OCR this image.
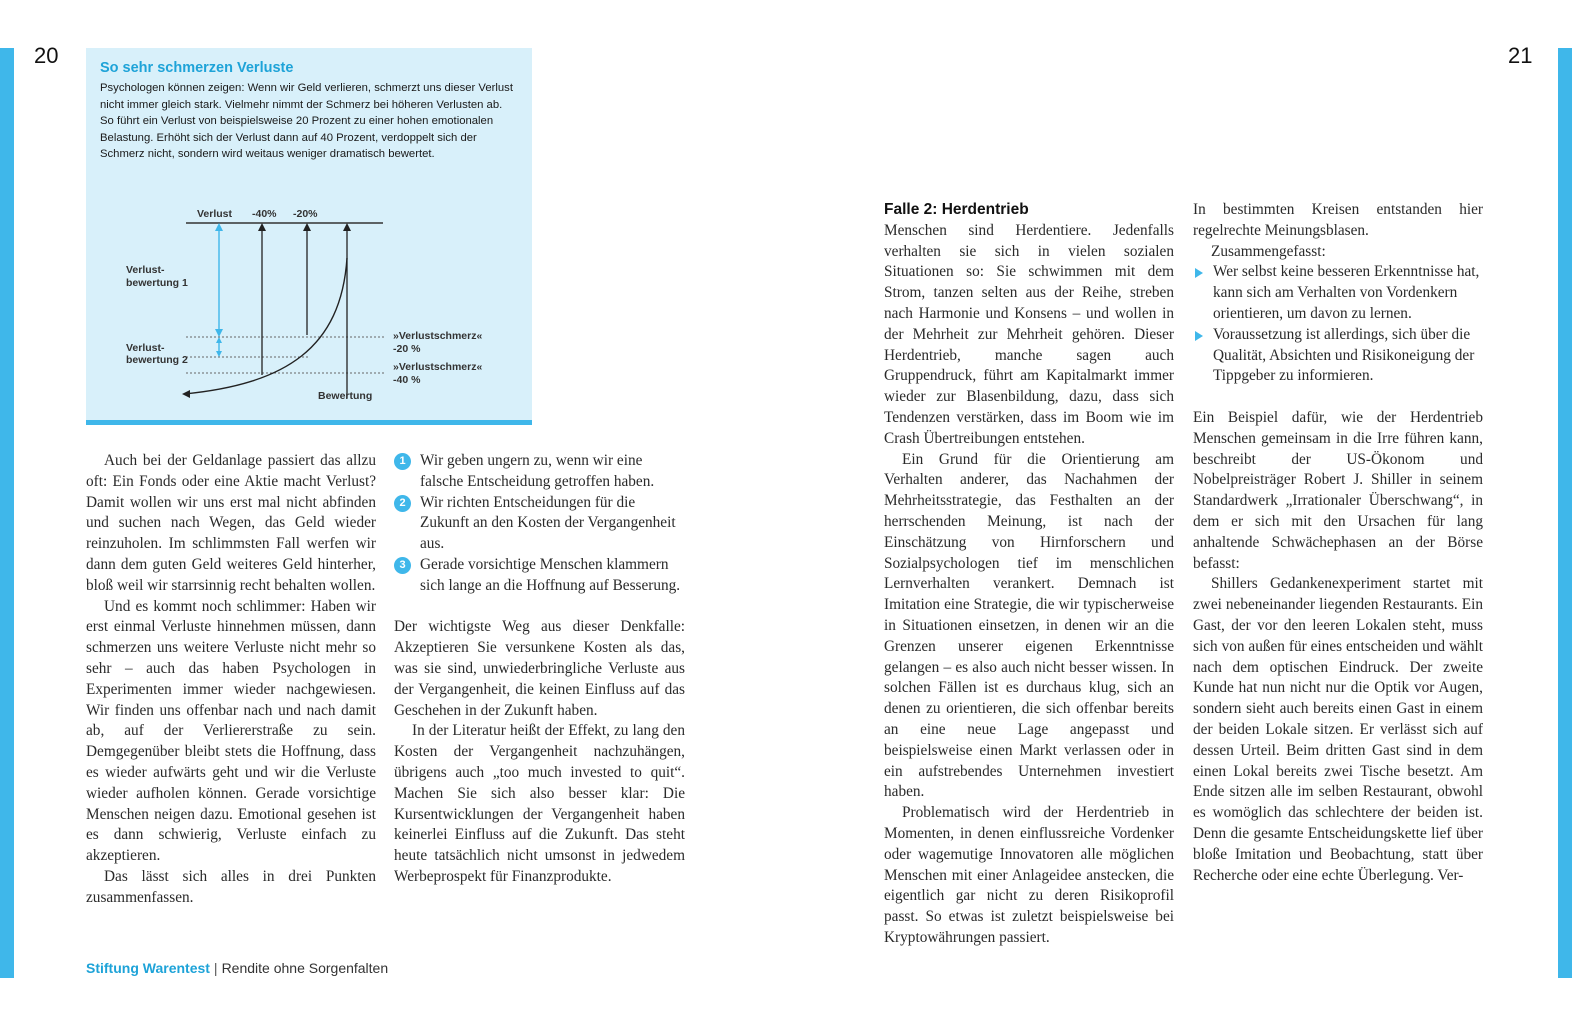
20	21
So sehr schmerzen Verluste
Psychologen können zeigen: Wenn wir Geld verlieren, schmerzt uns dieser Verlust nicht immer gleich stark. Vielmehr nimmt der Schmerz bei höheren Verlusten ab. So führt ein Verlust von beispielsweise 20 Prozent zu einer hohen emotionalen Belastung. Erhöht sich der Verlust dann auf 40 Prozent, verdoppelt sich der Schmerz nicht, sondern wird weitaus weniger dramatisch bewertet.
Verlust -40% -20%
Verlust-
bewertung 1
Verlust-
bewertung 2
»Verlustschmerz«
-20 %
»Verlustschmerz«
-40 %
Bewertung

Auch bei der Geldanlage passiert das allzu oft: Ein Fonds oder eine Aktie macht Verlust? Damit wollen wir uns erst mal nicht abfinden und suchen nach Wegen, das Geld wieder reinzuholen. Im schlimmsten Fall werfen wir dann dem guten Geld weiteres Geld hinterher, bloß weil wir starrsinnig recht behalten wollen.

Und es kommt noch schlimmer: Haben wir erst einmal Verluste hinnehmen müssen, dann schmerzen uns weitere Verluste nicht mehr so sehr – auch das haben Psychologen in Experimenten immer wieder nachgewiesen. Wir finden uns offenbar nach und nach damit ab, auf der Verliererstraße zu sein. Demgegenüber bleibt stets die Hoffnung, dass es wieder aufwärts geht und wir die Verluste wieder aufholen können. Gerade vorsichtige Menschen neigen dazu. Emotional gesehen ist es dann schwierig, Verluste einfach zu akzeptieren.

Das lässt sich alles in drei Punkten zusammenfassen.

1 Wir geben ungern zu, wenn wir eine falsche Entscheidung getroffen haben.
2 Wir richten Entscheidungen für die Zukunft an den Kosten der Vergangenheit aus.
3 Gerade vorsichtige Menschen klammern sich lange an die Hoffnung auf Besserung.

Der wichtigste Weg aus dieser Denkfalle: Akzeptieren Sie versunkene Kosten als das, was sie sind, unwiederbringliche Verluste aus der Vergangenheit, die keinen Einfluss auf das Geschehen in der Zukunft haben.

In der Literatur heißt der Effekt, zu lang den Kosten der Vergangenheit nachzuhängen, übrigens auch „too much invested to quit“. Machen Sie sich also besser klar: Die Kursentwicklungen der Vergangenheit haben keinerlei Einfluss auf die Zukunft. Das steht heute tatsächlich nicht umsonst in jedwedem Werbeprospekt für Finanzprodukte.

Falle 2: Herdentrieb

Menschen sind Herdentiere. Jedenfalls verhalten sie sich in vielen sozialen Situationen so: Sie schwimmen mit dem Strom, tanzen selten aus der Reihe, streben nach Harmonie und Konsens – und wollen in der Mehrheit zur Mehrheit gehören. Dieser Herdentrieb, manche sagen auch Gruppendruck, führt am Kapitalmarkt immer wieder zur Blasenbildung, dazu, dass sich Tendenzen verstärken, dass im Boom wie im Crash Übertreibungen entstehen.

Ein Grund für die Orientierung am Verhalten anderer, das Nachahmen der Mehrheitsstrategie, das Festhalten an der herrschenden Meinung, ist nach der Einschätzung von Hirnforschern und Sozialpsychologen tief im menschlichen Lernverhalten verankert. Demnach ist Imitation eine Strategie, die wir typischerweise in Situationen einsetzen, in denen wir an die Grenzen unserer eigenen Erkenntnisse gelangen – es also auch nicht besser wissen. In solchen Fällen ist es durchaus klug, sich an denen zu orientieren, die sich offenbar bereits an eine neue Lage angepasst und beispielsweise einen Markt verlassen oder in ein aufstrebendes Unternehmen investiert haben.

Problematisch wird der Herdentrieb in Momenten, in denen einflussreiche Vordenker oder wagemutige Innovatoren alle möglichen Menschen mit einer Anlageidee anstecken, die eigentlich gar nicht zu deren Risikoprofil passt. So etwas ist zuletzt beispielsweise bei Kryptowährungen passiert.

In bestimmten Kreisen entstanden hier regelrechte Meinungsblasen.

Zusammengefasst:

Wer selbst keine besseren Erkenntnisse hat, kann sich am Verhalten von Vordenkern orientieren, um davon zu lernen.
Voraussetzung ist allerdings, sich über die Qualität, Absichten und Risikoneigung der Tippgeber zu informieren.

Ein Beispiel dafür, wie der Herdentrieb Menschen gemeinsam in die Irre führen kann, beschreibt der US-Ökonom und Nobelpreisträger Robert J. Shiller in seinem Standardwerk „Irrationaler Überschwang“, in dem er sich mit den Ursachen für lang anhaltende Schwächephasen an der Börse befasst:

Shillers Gedankenexperiment startet mit zwei nebeneinander liegenden Restaurants. Ein Gast, der vor den leeren Lokalen steht, muss sich von außen für eines entscheiden und wählt nach dem optischen Eindruck. Der zweite Kunde hat nun nicht nur die Optik vor Augen, sondern sieht auch bereits einen Gast in einem der beiden Lokale sitzen. Er verlässt sich auf dessen Urteil. Beim dritten Gast sind in dem einen Lokal bereits zwei Tische besetzt. Am Ende sitzen alle im selben Restaurant, obwohl es womöglich das schlechtere der beiden ist. Denn die gesamte Entscheidungskette lief über bloße Imitation und Beobachtung, statt über Recherche oder eine echte Überlegung. Ver-

Stiftung Warentest | Rendite ohne Sorgenfalten
